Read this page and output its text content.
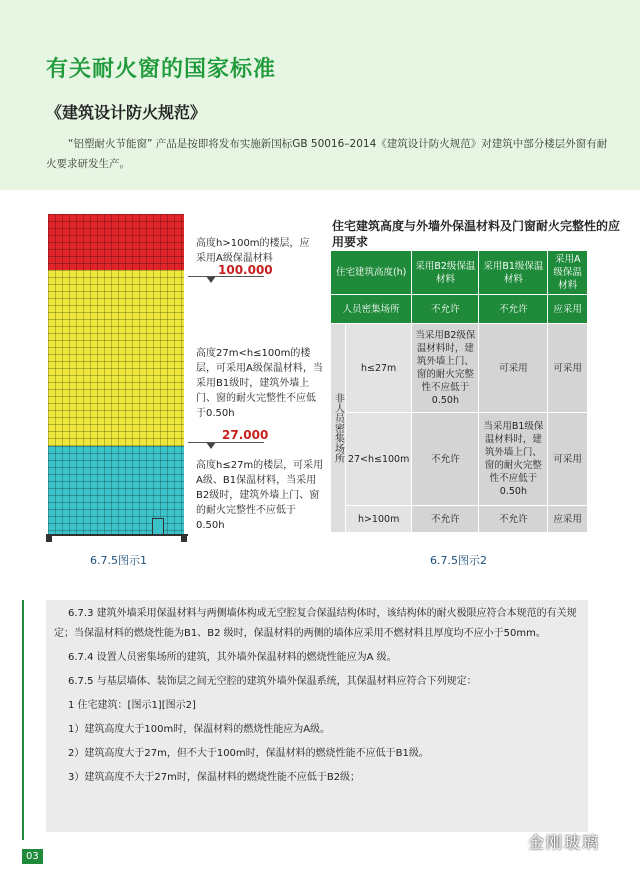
有关耐火窗的国家标准
《建筑设计防火规范》
“铝塑耐火节能窗” 产品是按即将发布实施新国标GB 50016–2014《建筑设计防火规范》对建筑中部分楼层外窗有耐火要求研发生产。
高度h>100m的楼层，应采用A级保温材料
100.000
高度27m<h≤100m的楼层，可采用A级保温材料，当采用B1级时，建筑外墙上门、窗的耐火完整性不应低于0.50h
27.000
高度h≤27m的楼层，可采用A级、B1保温材料，当采用B2级时，建筑外墙上门、窗的耐火完整性不应低于0.50h
6.7.5图示1
住宅建筑高度与外墙外保温材料及门窗耐火完整性的应用要求
住宅建筑高度(h)		采用B2级保温材料	采用B1级保温材料	采用A级保温材料
人员密集场所		不允许	不允许	应采用

非人员密集场所	h≤27m	当采用B2级保温材料时，建筑外墙上门、窗的耐火完整性不应低于0.50h	可采用	可采用
	27<h≤100m	不允许	当采用B1级保温材料时，建筑外墙上门、窗的耐火完整性不应低于0.50h	可采用
	h>100m	不允许	不允许	应采用
6.7.5图示2
6.7.3 建筑外墙采用保温材料与两侧墙体构成无空腔复合保温结构体时，该结构体的耐火极限应符合本规范的有关规定；当保温材料的燃烧性能为B1、B2 级时，保温材料的两侧的墙体应采用不燃材料且厚度均不应小于50mm。
6.7.4 设置人员密集场所的建筑，其外墙外保温材料的燃烧性能应为A 级。
6.7.5 与基层墙体、装饰层之间无空腔的建筑外墙外保温系统，其保温材料应符合下列规定：
1 住宅建筑：[图示1][图示2]
1）建筑高度大于100m时，保温材料的燃烧性能应为A级。
2）建筑高度大于27m，但不大于100m时，保温材料的燃烧性能不应低于B1级。
3）建筑高度不大于27m时，保温材料的燃烧性能不应低于B2级；
03
金刚玻璃
